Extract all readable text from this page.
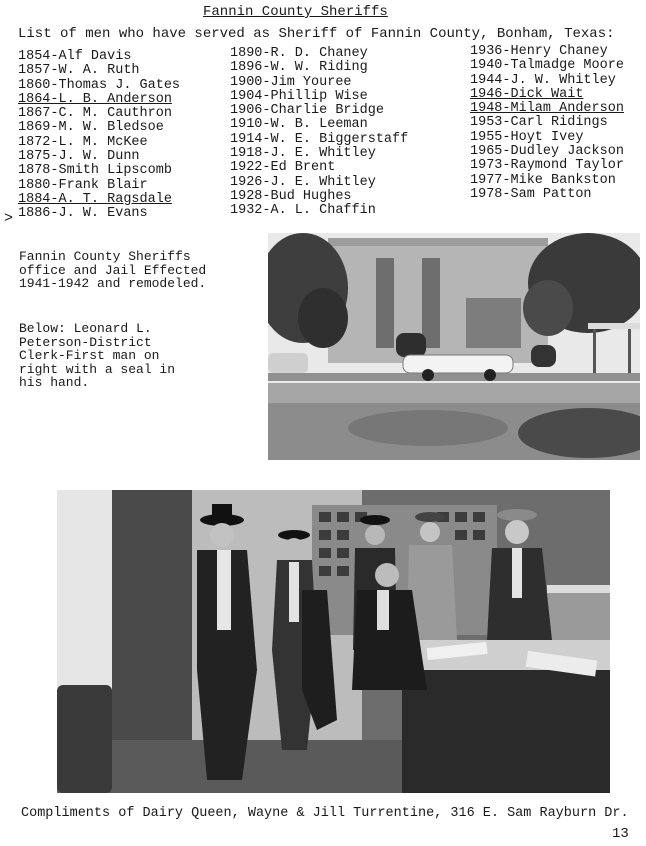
Fannin County Sheriffs
List of men who have served as Sheriff of Fannin County, Bonham, Texas:
1854-Alf Davis
1857-W. A. Ruth
1860-Thomas J. Gates
1864-L. B. Anderson
1867-C. M. Cauthron
1869-M. W. Bledsoe
1872-L. M. McKee
1875-J. W. Dunn
1878-Smith Lipscomb
1880-Frank Blair
1884-A. T. Ragsdale
1886-J. W. Evans
>
1890-R. D. Chaney
1896-W. W. Riding
1900-Jim Youree
1904-Phillip Wise
1906-Charlie Bridge
1910-W. B. Leeman
1914-W. E. Biggerstaff
1918-J. E. Whitley
1922-Ed Brent
1926-J. E. Whitley
1928-Bud Hughes
1932-A. L. Chaffin
1936-Henry Chaney
1940-Talmadge Moore
1944-J. W. Whitley
1946-Dick Wait
1948-Milam Anderson
1953-Carl Ridings
1955-Hoyt Ivey
1965-Dudley Jackson
1973-Raymond Taylor
1977-Mike Bankston
1978-Sam Patton
Fannin County Sheriffs
office and Jail Effected
1941-1942 and remodeled.
Below: Leonard L.
Peterson-District
Clerk-First man on
right with a seal in
his hand.
Compliments of Dairy Queen, Wayne & Jill Turrentine, 316 E. Sam Rayburn Dr.
13
